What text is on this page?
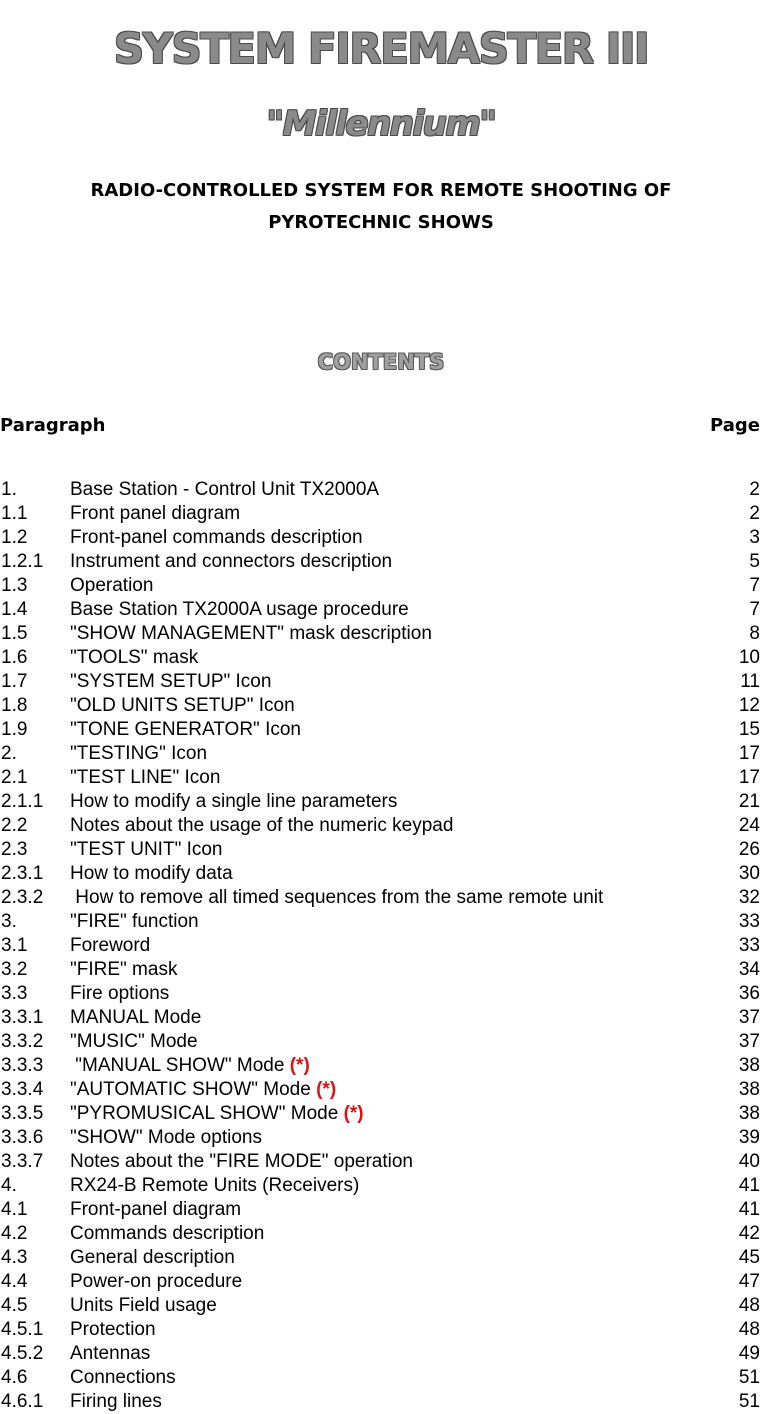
SYSTEM FIREMASTER III
"Millennium"
RADIO-CONTROLLED SYSTEM FOR REMOTE SHOOTING OF
PYROTECHNIC SHOWS
CONTENTS
Paragraph	Page
1.	Base Station - Control Unit TX2000A	2
1.1 Front panel diagram	2
1.2 Front-panel commands description	3
1.2.1 Instrument and connectors description	5
1.3 Operation	7
1.4 Base Station TX2000A usage procedure	7
1.5 "SHOW MANAGEMENT" mask description	8
1.6 "TOOLS" mask	10
1.7 "SYSTEM SETUP" Icon	11
1.8 "OLD UNITS SETUP" Icon	12
1.9 "TONE GENERATOR" Icon	15
2.	"TESTING" Icon	17
2.1 "TEST LINE" Icon	17
2.1.1 How to modify a single line parameters	21
2.2 Notes about the usage of the numeric keypad	24
2.3 "TEST UNIT" Icon	26
2.3.1 How to modify data	30
2.3.2 How to remove all timed sequences from the same remote unit	32
3.	"FIRE" function	33
3.1 Foreword	33
3.2 "FIRE" mask	34
3.3 Fire options	36
3.3.1 MANUAL Mode	37
3.3.2 "MUSIC" Mode	37
3.3.3 "MANUAL SHOW" Mode (*)	38
3.3.4 "AUTOMATIC SHOW" Mode (*)	38
3.3.5 "PYROMUSICAL SHOW" Mode (*)	38
3.3.6 "SHOW" Mode options	39
3.3.7 Notes about the "FIRE MODE" operation	40
4.	RX24-B Remote Units (Receivers)	41
4.1 Front-panel diagram	41
4.2 Commands description	42
4.3 General description	45
4.4 Power-on procedure	47
4.5 Units Field usage	48
4.5.1 Protection	48
4.5.2 Antennas	49
4.6 Connections	51
4.6.1 Firing lines	51
